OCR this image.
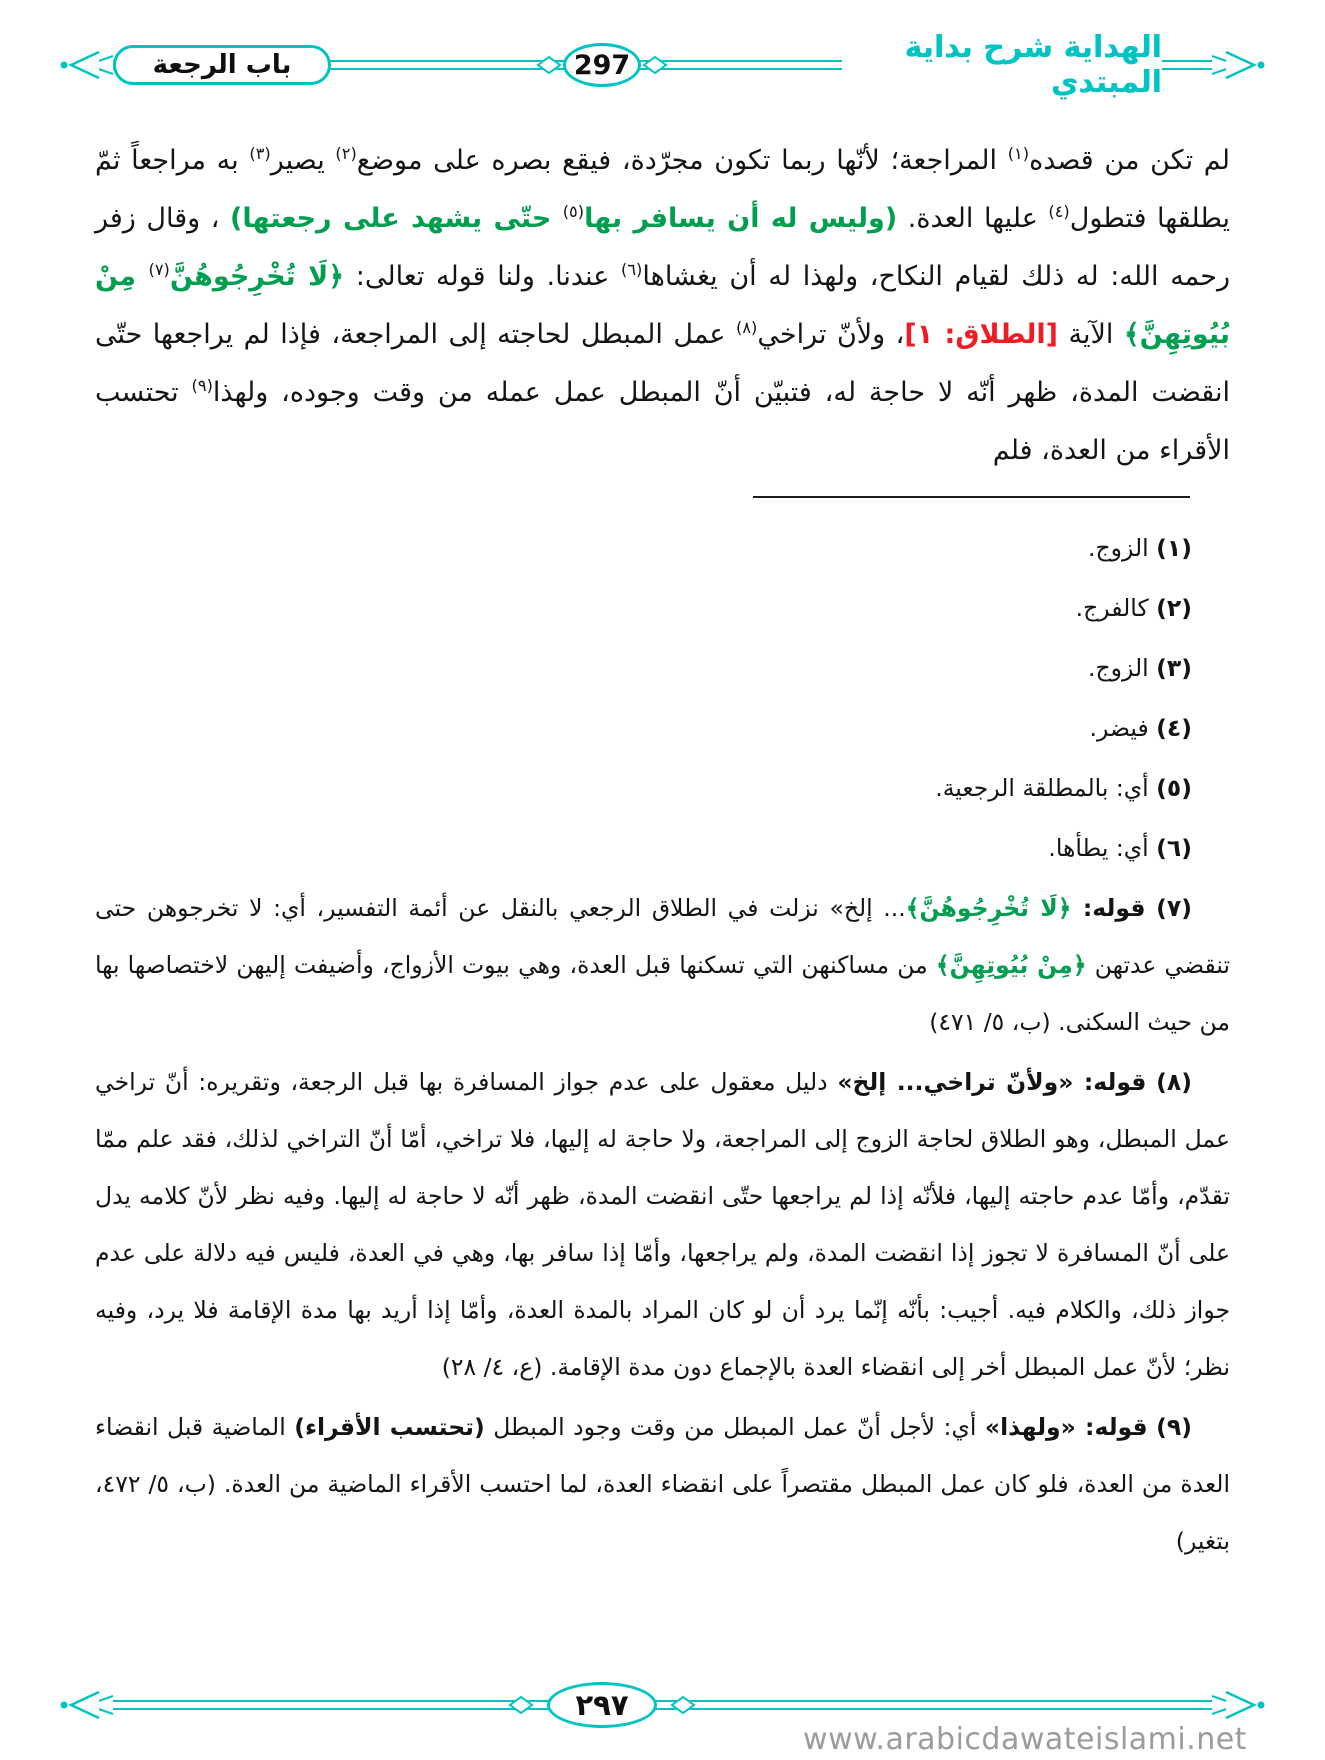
باب الرجعة	297	الهداية شرح بداية المبتدي

لم تكن من قصده$^{(١)}$ المراجعة؛ لأنّها ربما تكون مجرّدة، فيقع بصره على موضع$^{(٢)}$ يصير$^{(٣)}$ به مراجعاً ثمّ يطلقها فتطول$^{(٤)}$ عليها العدة. (وليس له أن يسافر بها$^{(٥)}$ حتّى يشهد على رجعتها) ، وقال زفر رحمه الله: له ذلك لقيام النكاح، ولهذا له أن يغشاها$^{(٦)}$ عندنا. ولنا قوله تعالى: ﴿لَا تُخْرِجُوهُنَّ$^{(٧)}$ مِنْ بُيُوتِهِنَّ﴾ الآية [الطلاق: ١]، ولأنّ تراخي$^{(٨)}$ عمل المبطل لحاجته إلى المراجعة، فإذا لم يراجعها حتّى انقضت المدة، ظهر أنّه لا حاجة له، فتبيّن أنّ المبطل عمل عمله من وقت وجوده، ولهذا$^{(٩)}$ تحتسب الأقراء من العدة، فلم

(١) الزوج.

(٢) كالفرج.

(٣) الزوج.

(٤) فيضر.

(٥) أي: بالمطلقة الرجعية.

(٦) أي: يطأها.

(٧) قوله: ﴿لَا تُخْرِجُوهُنَّ﴾... إلخ» نزلت في الطلاق الرجعي بالنقل عن أئمة التفسير، أي: لا تخرجوهن حتى تنقضي عدتهن ﴿مِنْ بُيُوتِهِنَّ﴾ من مساكنهن التي تسكنها قبل العدة، وهي بيوت الأزواج، وأضيفت إليهن لاختصاصها بها من حيث السكنى. (ب، ٥/ ٤٧١)

(٨) قوله: «ولأنّ تراخي... إلخ» دليل معقول على عدم جواز المسافرة بها قبل الرجعة، وتقريره: أنّ تراخي عمل المبطل، وهو الطلاق لحاجة الزوج إلى المراجعة، ولا حاجة له إليها، فلا تراخي، أمّا أنّ التراخي لذلك، فقد علم ممّا تقدّم، وأمّا عدم حاجته إليها، فلأنّه إذا لم يراجعها حتّى انقضت المدة، ظهر أنّه لا حاجة له إليها. وفيه نظر لأنّ كلامه يدل على أنّ المسافرة لا تجوز إذا انقضت المدة، ولم يراجعها، وأمّا إذا سافر بها، وهي في العدة، فليس فيه دلالة على عدم جواز ذلك، والكلام فيه. أجيب: بأنّه إنّما يرد أن لو كان المراد بالمدة العدة، وأمّا إذا أريد بها مدة الإقامة فلا يرد، وفيه نظر؛ لأنّ عمل المبطل أخر إلى انقضاء العدة بالإجماع دون مدة الإقامة. (ع، ٤/ ٢٨)

(٩) قوله: «ولهذا» أي: لأجل أنّ عمل المبطل من وقت وجود المبطل (تحتسب الأقراء) الماضية قبل انقضاء العدة من العدة، فلو كان عمل المبطل مقتصراً على انقضاء العدة، لما احتسب الأقراء الماضية من العدة. (ب، ٥/ ٤٧٢، بتغير)

٢٩٧
www.arabicdawateislami.net
